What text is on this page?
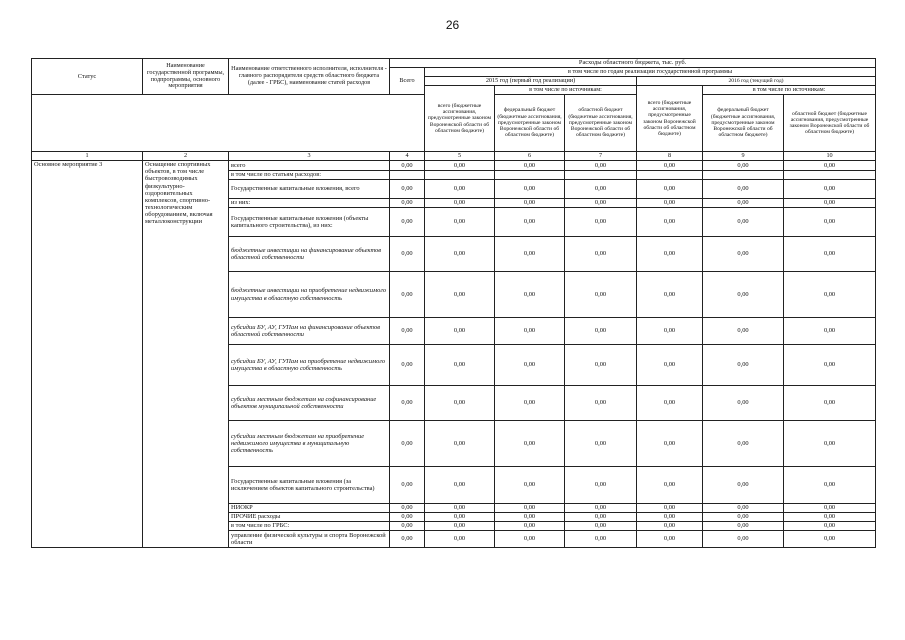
26
Статус	Наименование государственной программы, подпрограммы, основного мероприятия	Наименование ответственного исполнителя, исполнителя - главного распорядителя средств областного бюджета (далее - ГРБС), наименование статей расходов	Расходы областного бюджета, тыс. руб.						
			Всего	в том числе по годам реализации государственной программы					
				2015 год (первый год реализации)			2016 год (текущий год)		
				всего (бюджетные ассигнования, предусмотренные законом Воронежской области об областном бюджете)	в том числе по источникам:		всего (бюджетные ассигнования, предусмотренные законом Воронежской области об областном бюджете)	в том числе по источникам:	
					федеральный бюджет (бюджетные ассигнования, предусмотренные законом Воронежской области об областном бюджете)	областной бюджет (бюджетные ассигнования, предусмотренные законом Воронежской области об областном бюджете)		федеральный бюджет (бюджетные ассигнования, предусмотренные законом Воронежской области об областном бюджете)	областной бюджет (бюджетные ассигнования, предусмотренные законом Воронежской области об областном бюджете)
1	2	3	4	5	6	7	8	9	10
Основное мероприятие 3	Оснащение спортивных объектов, в том числе быстровозводимых физкультурно-оздоровительных комплексов, спортивно-технологическим оборудованием, включая металлоконструкции	всего	0,00	0,00	0,00	0,00	0,00	0,00	0,00
		в том числе по статьям расходов:							
		Государственные капитальные вложения, всего	0,00	0,00	0,00	0,00	0,00	0,00	0,00
		из них:	0,00	0,00	0,00	0,00	0,00	0,00	0,00
		Государственные капитальные вложения (объекты капитального строительства), из них:	0,00	0,00	0,00	0,00	0,00	0,00	0,00
		бюджетные инвестиции на финансирование объектов областной собственности	0,00	0,00	0,00	0,00	0,00	0,00	0,00
		бюджетные инвестиции на приобретение недвижимого имущества в областную собственность	0,00	0,00	0,00	0,00	0,00	0,00	0,00
		субсидии БУ, АУ, ГУПам на финансирование объектов областной собственности	0,00	0,00	0,00	0,00	0,00	0,00	0,00
		субсидии БУ, АУ, ГУПам на приобретение недвижимого имущества в областную собственность	0,00	0,00	0,00	0,00	0,00	0,00	0,00
		субсидии местным бюджетам на софинансирование объектов муниципальной собственности	0,00	0,00	0,00	0,00	0,00	0,00	0,00
		субсидии местным бюджетам на приобретение недвижимого имущества в муниципальную собственность	0,00	0,00	0,00	0,00	0,00	0,00	0,00
		Государственные капитальные вложения (за исключением объектов капитального строительства)	0,00	0,00	0,00	0,00	0,00	0,00	0,00
		НИОКР	0,00	0,00	0,00	0,00	0,00	0,00	0,00
		ПРОЧИЕ расходы	0,00	0,00	0,00	0,00	0,00	0,00	0,00
		в том числе по ГРБС:	0,00	0,00	0,00	0,00	0,00	0,00	0,00
		управление физической культуры и спорта Воронежской области	0,00	0,00	0,00	0,00	0,00	0,00	0,00
